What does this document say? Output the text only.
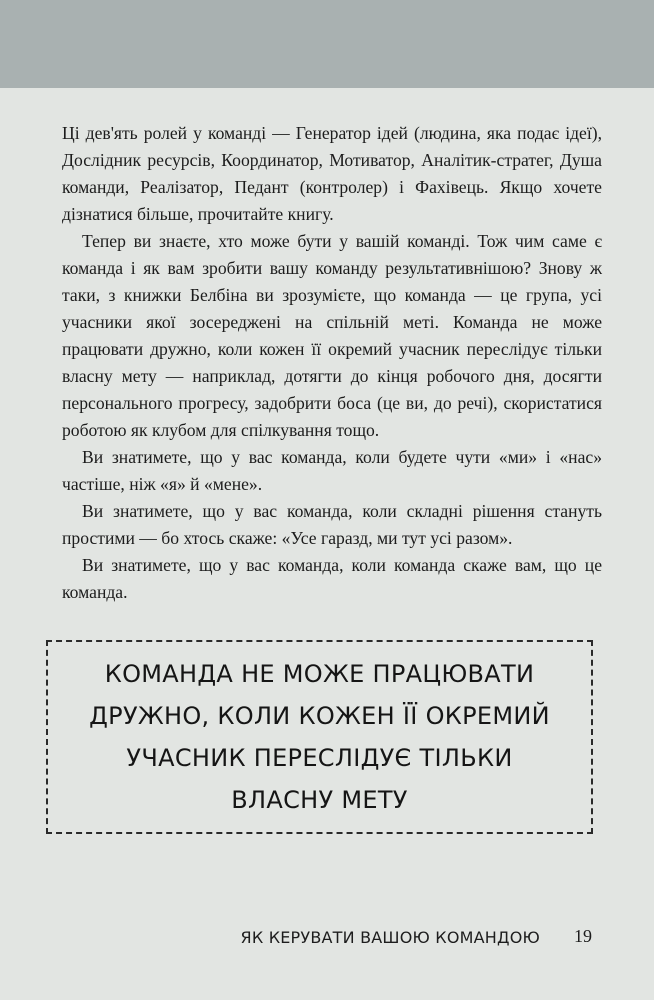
Ці дев'ять ролей у команді — Генератор ідей (людина, яка подає ідеї), Дослідник ресурсів, Координатор, Мотиватор, Аналітик-стратег, Душа команди, Реалізатор, Педант (контролер) і Фахівець. Якщо хочете дізнатися більше, прочитайте книгу.

Тепер ви знаєте, хто може бути у вашій команді. Тож чим саме є команда і як вам зробити вашу команду результативнішою? Знову ж таки, з книжки Белбіна ви зрозумієте, що команда — це група, усі учасники якої зосереджені на спільній меті. Команда не може працювати дружно, коли кожен її окремий учасник переслідує тільки власну мету — наприклад, дотягти до кінця робочого дня, досягти персонального прогресу, задобрити боса (це ви, до речі), скористатися роботою як клубом для спілкування тощо.

Ви знатимете, що у вас команда, коли будете чути «ми» і «нас» частіше, ніж «я» й «мене».

Ви знатимете, що у вас команда, коли складні рішення стануть простими — бо хтось скаже: «Усе гаразд, ми тут усі разом».

Ви знатимете, що у вас команда, коли команда скаже вам, що це команда.

КОМАНДА НЕ МОЖЕ ПРАЦЮВАТИ
ДРУЖНО, КОЛИ КОЖЕН ЇЇ ОКРЕМИЙ
УЧАСНИК ПЕРЕСЛІДУЄ ТІЛЬКИ
ВЛАСНУ МЕТУ
ЯК КЕРУВАТИ ВАШОЮ КОМАНДОЮ 19
